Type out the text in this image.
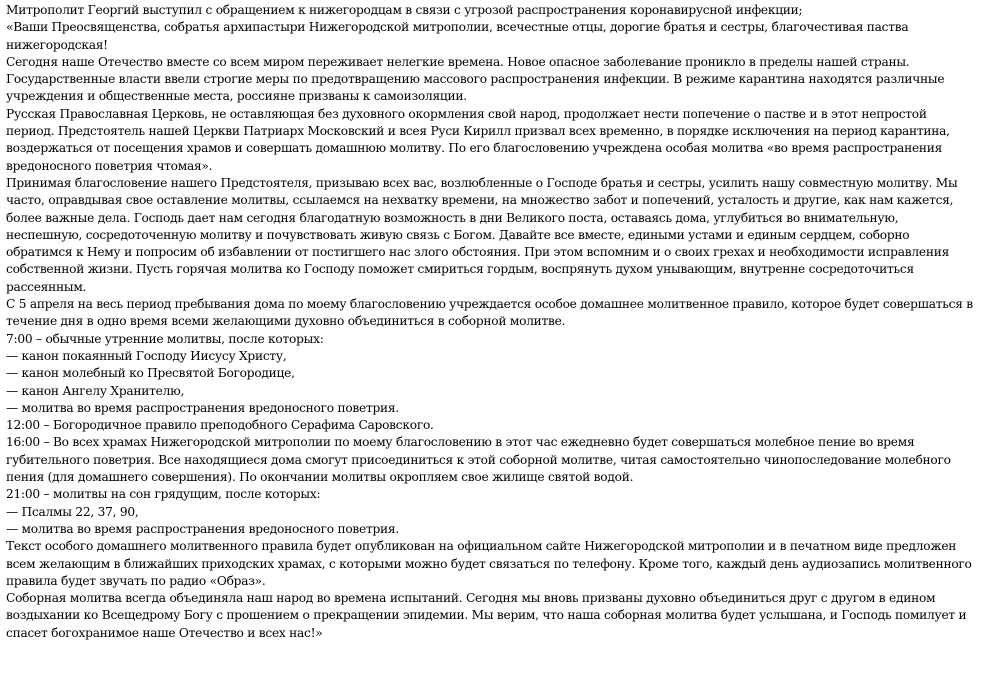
Митрополит Георгий выступил с обращением к нижегородцам в связи с угрозой распространения коронавирусной инфекции;

«Ваши Преосвященства, собратья архипастыри Нижегородской митрополии, всечестные отцы, дорогие братья и сестры, благочестивая паства нижегородская!

Сегодня наше Отечество вместе со всем миром переживает нелегкие времена. Новое опасное заболевание проникло в пределы нашей страны. Государственные власти ввели строгие меры по предотвращению массового распространения инфекции. В режиме карантина находятся различные учреждения и общественные места, россияне призваны к самоизоляции.

Русская Православная Церковь, не оставляющая без духовного окормления свой народ, продолжает нести попечение о пастве и в этот непростой период. Предстоятель нашей Церкви Патриарх Московский и всея Руси Кирилл призвал всех временно, в порядке исключения на период карантина, воздержаться от посещения храмов и совершать домашнюю молитву. По его благословению учреждена особая молитва «во время распространения вредоносного поветрия чтомая».

Принимая благословение нашего Предстоятеля, призываю всех вас, возлюбленные о Господе братья и сестры, усилить нашу совместную молитву. Мы часто, оправдывая свое оставление молитвы, ссылаемся на нехватку времени, на множество забот и попечений, усталость и другие, как нам кажется, более важные дела. Господь дает нам сегодня благодатную возможность в дни Великого поста, оставаясь дома, углубиться во внимательную, неспешную, сосредоточенную молитву и почувствовать живую связь с Богом. Давайте все вместе, едиными устами и единым сердцем, соборно обратимся к Нему и попросим об избавлении от постигшего нас злого обстояния. При этом вспомним и о своих грехах и необходимости исправления собственной жизни. Пусть горячая молитва ко Господу поможет смириться гордым, воспрянуть духом унывающим, внутренне сосредоточиться рассеянным.

С 5 апреля на весь период пребывания дома по моему благословению учреждается особое домашнее молитвенное правило, которое будет совершаться в течение дня в одно время всеми желающими духовно объединиться в соборной молитве.

7:00 – обычные утренние молитвы, после которых:

— канон покаянный Господу Иисусу Христу,

— канон молебный ко Пресвятой Богородице,

— канон Ангелу Хранителю,

— молитва во время распространения вредоносного поветрия.

12:00 – Богородичное правило преподобного Серафима Саровского.

16:00 – Во всех храмах Нижегородской митрополии по моему благословению в этот час ежедневно будет совершаться молебное пение во время губительного поветрия. Все находящиеся дома смогут присоединиться к этой соборной молитве, читая самостоятельно чинопоследование молебного пения (для домашнего совершения). По окончании молитвы окропляем свое жилище святой водой.

21:00 – молитвы на сон грядущим, после которых:

— Псалмы 22, 37, 90,

— молитва во время распространения вредоносного поветрия.

Текст особого домашнего молитвенного правила будет опубликован на официальном сайте Нижегородской митрополии и в печатном виде предложен всем желающим в ближайших приходских храмах, с которыми можно будет связаться по телефону. Кроме того, каждый день аудиозапись молитвенного правила будет звучать по радио «Образ».

Соборная молитва всегда объединяла наш народ во времена испытаний. Сегодня мы вновь призваны духовно объединиться друг с другом в едином воздыхании ко Всещедрому Богу с прошением о прекращении эпидемии. Мы верим, что наша соборная молитва будет услышана, и Господь помилует и спасет богохранимое наше Отечество и всех нас!»
